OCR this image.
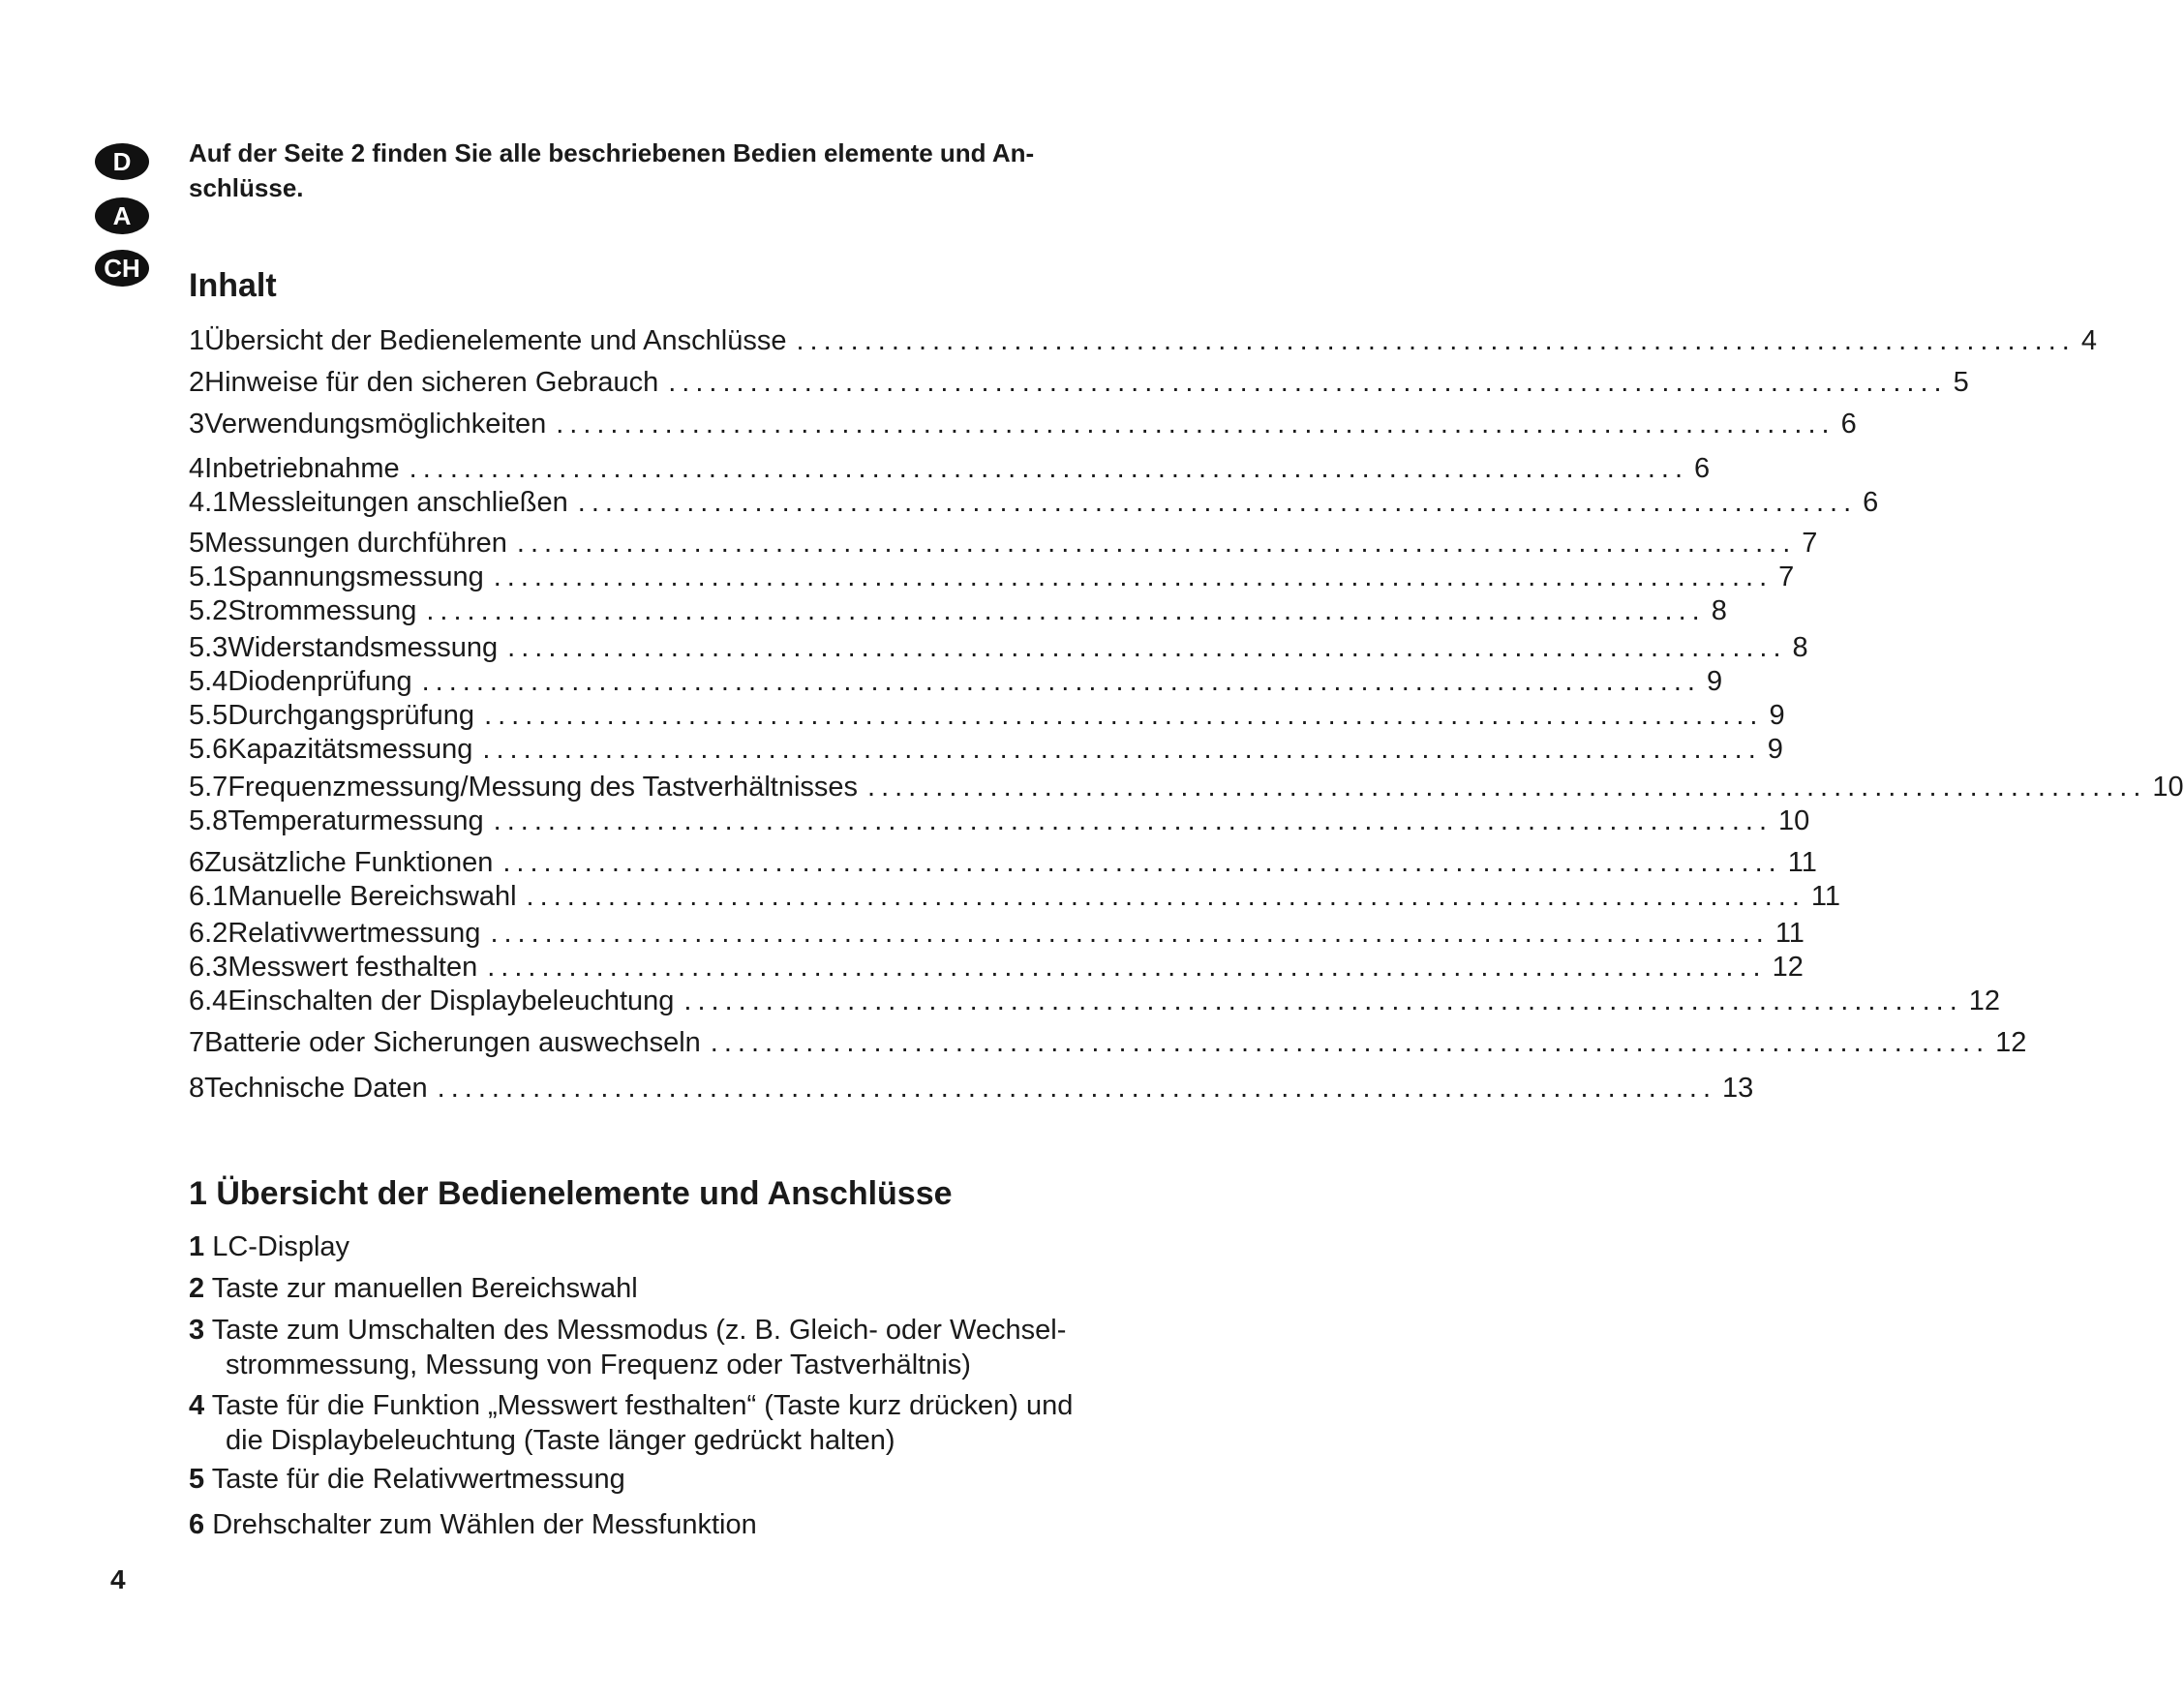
D
A
CH
Auf der Seite 2 finden Sie alle beschriebenen Bedien elemente und An-
schlüsse.
Inhalt
1 Übersicht der Bedienelemente und Anschlüsse .............................................................................................. 4
2 Hinweise für den sicheren Gebrauch .............................................................................................. 5
3 Verwendungsmöglichkeiten .............................................................................................. 6
4 Inbetriebnahme .............................................................................................. 6
4.1 Messleitungen anschließen .............................................................................................. 6
5 Messungen durchführen .............................................................................................. 7
5.1 Spannungsmessung .............................................................................................. 7
5.2 Strommessung .............................................................................................. 8
5.3 Widerstandsmessung .............................................................................................. 8
5.4 Diodenprüfung .............................................................................................. 9
5.5 Durchgangsprüfung .............................................................................................. 9
5.6 Kapazitätsmessung .............................................................................................. 9
5.7 Frequenzmessung/Messung des Tastverhältnisses .............................................................................................. 10
5.8 Temperaturmessung .............................................................................................. 10
6 Zusätzliche Funktionen .............................................................................................. 11
6.1 Manuelle Bereichswahl .............................................................................................. 11
6.2 Relativwertmessung .............................................................................................. 11
6.3 Messwert festhalten .............................................................................................. 12
6.4 Einschalten der Displaybeleuchtung .............................................................................................. 12
7 Batterie oder Sicherungen auswechseln .............................................................................................. 12
8 Technische Daten .............................................................................................. 13
1 Übersicht der Bedienelemente und Anschlüsse
1 LC-Display
2 Taste zur manuellen Bereichswahl
3 Taste zum Umschalten des Messmodus (z. B. Gleich- oder Wechsel-
strommessung, Messung von Frequenz oder Tastverhältnis)
4 Taste für die Funktion „Messwert festhalten“ (Taste kurz drücken) und
die Displaybeleuchtung (Taste länger gedrückt halten)
5 Taste für die Relativwertmessung
6 Drehschalter zum Wählen der Messfunktion
4
